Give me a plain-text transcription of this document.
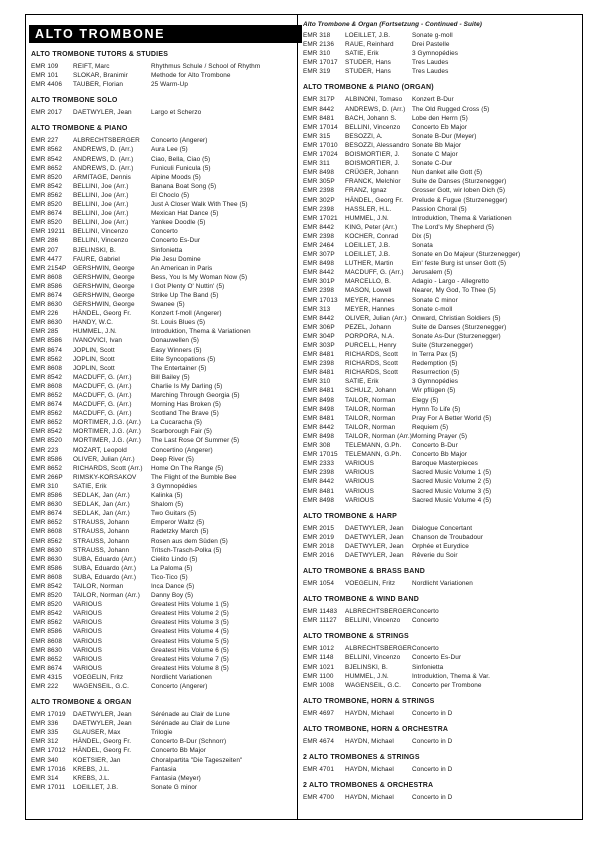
ALTO TROMBONE
ALTO TROMBONE TUTORS & STUDIES
EMR 109	REIFT, Marc	Rhythmus Schule / School of Rhythm
EMR 101	SLOKAR, Branimir	Methode for Alto Trombone
EMR 4406	TAUBER, Florian	25 Warm-Up
ALTO TROMBONE SOLO
EMR 2017	DAETWYLER, Jean	Largo et Scherzo
ALTO TROMBONE & PIANO
EMR 227	ALBRECHTSBERGER	Concerto (Angerer)
EMR 8562	ANDREWS, D. (Arr.)	Aura Lee (5)
EMR 8542	ANDREWS, D. (Arr.)	Ciao, Bella, Ciao (5)
EMR 8652	ANDREWS, D. (Arr.)	Funiculi Funicula (5)
EMR 8520	ARMITAGE, Dennis	Alpine Moods (5)
EMR 8542	BELLINI, Joe (Arr.)	Banana Boat Song (5)
EMR 8562	BELLINI, Joe (Arr.)	El Choclo (5)
EMR 8520	BELLINI, Joe (Arr.)	Just A Closer Walk With Thee (5)
EMR 8674	BELLINI, Joe (Arr.)	Mexican Hat Dance (5)
EMR 8520	BELLINI, Joe (Arr.)	Yankee Doodle (5)
EMR 19211	BELLINI, Vincenzo	Concerto
EMR 286	BELLINI, Vincenzo	Concerto Es-Dur
EMR 207	BJELINSKI, B.	Sinfonietta
EMR 4477	FAURE, Gabriel	Pie Jesu Domine
EMR 2154P	GERSHWIN, George	An American in Paris
EMR 8608	GERSHWIN, George	Bess, You Is My Woman Now (5)
EMR 8586	GERSHWIN, George	I Got Plenty O' Nuttin' (5)
EMR 8674	GERSHWIN, George	Strike Up The Band (5)
EMR 8630	GERSHWIN, George	Swanee (5)
EMR 226	HÄNDEL, Georg Fr.	Konzert f-moll (Angerer)
EMR 8630	HANDY, W.C.	St. Louis Blues (5)
EMR 285	HUMMEL, J.N.	Introduktion, Thema & Variationen
EMR 8586	IVANOVICI, Ivan	Donauwellen (5)
EMR 8674	JOPLIN, Scott	Easy Winners (5)
EMR 8562	JOPLIN, Scott	Elite Syncopations (5)
EMR 8608	JOPLIN, Scott	The Entertainer (5)
EMR 8542	MACDUFF, G. (Arr.)	Bill Bailey (5)
EMR 8608	MACDUFF, G. (Arr.)	Charlie Is My Darling (5)
EMR 8652	MACDUFF, G. (Arr.)	Marching Through Georgia (5)
EMR 8674	MACDUFF, G. (Arr.)	Morning Has Broken (5)
EMR 8562	MACDUFF, G. (Arr.)	Scotland The Brave (5)
EMR 8652	MORTIMER, J.G. (Arr.)	La Cucaracha (5)
EMR 8542	MORTIMER, J.G. (Arr.)	Scarborough Fair (5)
EMR 8520	MORTIMER, J.G. (Arr.)	The Last Rose Of Summer (5)
EMR 223	MOZART, Leopold	Concertino (Angerer)
EMR 8586	OLIVER, Julian (Arr.)	Deep River (5)
EMR 8652	RICHARDS, Scott (Arr.)	Home On The Range (5)
EMR 266P	RIMSKY-KORSAKOV	The Flight of the Bumble Bee
EMR 310	SATIE, Erik	3 Gymnopédies
EMR 8586	SEDLAK, Jan (Arr.)	Kalinka (5)
EMR 8630	SEDLAK, Jan (Arr.)	Shalom (5)
EMR 8674	SEDLAK, Jan (Arr.)	Two Guitars (5)
EMR 8652	STRAUSS, Johann	Emperor Waltz (5)
EMR 8608	STRAUSS, Johann	Radetzky March (5)
EMR 8562	STRAUSS, Johann	Rosen aus dem Süden (5)
EMR 8630	STRAUSS, Johann	Tritsch-Trasch-Polka (5)
EMR 8630	SUBA, Eduardo (Arr.)	Cielito Lindo (5)
EMR 8586	SUBA, Eduardo (Arr.)	La Paloma (5)
EMR 8608	SUBA, Eduardo (Arr.)	Tico-Tico (5)
EMR 8542	TAILOR, Norman	Inca Dance (5)
EMR 8520	TAILOR, Norman (Arr.)	Danny Boy (5)
EMR 8520	VARIOUS	Greatest Hits Volume 1 (5)
EMR 8542	VARIOUS	Greatest Hits Volume 2 (5)
EMR 8562	VARIOUS	Greatest Hits Volume 3 (5)
EMR 8586	VARIOUS	Greatest Hits Volume 4 (5)
EMR 8608	VARIOUS	Greatest Hits Volume 5 (5)
EMR 8630	VARIOUS	Greatest Hits Volume 6 (5)
EMR 8652	VARIOUS	Greatest Hits Volume 7 (5)
EMR 8674	VARIOUS	Greatest Hits Volume 8 (5)
EMR 4315	VOEGELIN, Fritz	Nordlicht Variationen
EMR 222	WAGENSEIL, G.C.	Concerto (Angerer)
ALTO TROMBONE & ORGAN
EMR 17019	DAETWYLER, Jean	Sérénade au Clair de Lune
EMR 336	DAETWYLER, Jean	Sérénade au Clair de Lune
EMR 335	GLAUSER, Max	Trilogie
EMR 312	HÄNDEL, Georg Fr.	Concerto B-Dur (Schnorr)
EMR 17012	HÄNDEL, Georg Fr.	Concerto Bb Major
EMR 340	KOETSIER, Jan	Choralpartita "Die Tageszeiten"
EMR 17016	KREBS, J.L.	Fantasia
EMR 314	KREBS, J.L.	Fantasia (Meyer)
EMR 17011	LOEILLET, J.B.	Sonate G minor
Alto Trombone & Organ (Fortsetzung - Continued - Suite)
EMR 318	LOEILLET, J.B.	Sonate g-moll
EMR 2136	RAUE, Reinhard	Drei Pastelle
EMR 310	SATIE, Erik	3 Gymnopédies
EMR 17017	STUDER, Hans	Tres Laudes
EMR 319	STUDER, Hans	Tres Laudes
ALTO TROMBONE & PIANO (ORGAN)
EMR 317P	ALBINONI, Tomaso	Konzert B-Dur
EMR 8442	ANDREWS, D. (Arr.)	The Old Rugged Cross (5)
EMR 8481	BACH, Johann S.	Lobe den Herrn (5)
EMR 17014	BELLINI, Vincenzo	Concerto Eb Major
EMR 315	BESOZZI, A.	Sonate B-Dur (Meyer)
EMR 17010	BESOZZI, Alessandro Sonate Bb Major
EMR 17024	BOISMORTIER, J.	Sonate C Major
EMR 311	BOISMORTIER, J.	Sonate C-Dur
EMR 8498	CRÜGER, Johann	Nun danket alle Gott (5)
EMR 305P	FRANCK, Melchior	Suite de Danses (Sturzenegger)
EMR 2398	FRANZ, Ignaz	Grosser Gott, wir loben Dich (5)
EMR 302P	HÄNDEL, Georg Fr.	Prelude & Fugue (Sturzenegger)
EMR 2398	HASSLER, H.L.	Passion Choral (5)
EMR 17021	HUMMEL, J.N.	Introduktion, Thema & Variationen
EMR 8442	KING, Peter (Arr.)	The Lord's My Shepherd (5)
EMR 2398	KOCHER, Conrad	Dix (5)
EMR 2464	LOEILLET, J.B.	Sonata
EMR 307P	LOEILLET, J.B.	Sonate en Do Majeur (Sturzenegger)
EMR 8498	LUTHER, Martin	Ein' feste Burg ist unser Gott (5)
EMR 8442	MACDUFF, G. (Arr.)	Jerusalem (5)
EMR 301P	MARCELLO, B.	Adagio - Largo - Allegretto
EMR 2398	MASON, Lowell	Nearer, My God, To Thee (5)
EMR 17013	MEYER, Hannes	Sonate C minor
EMR 313	MEYER, Hannes	Sonate c-moll
EMR 8442	OLIVER, Julian (Arr.) Onward, Christian Soldiers (5)
EMR 306P	PEZEL, Johann	Suite de Danses (Sturzenegger)
EMR 304P	PORPORA, N.A.	Sonate As-Dur (Sturzenegger)
EMR 303P	PURCELL, Henry	Suite (Sturzenegger)
EMR 8481	RICHARDS, Scott	In Terra Pax (5)
EMR 2398	RICHARDS, Scott	Redemption (5)
EMR 8481	RICHARDS, Scott	Resurrection (5)
EMR 310	SATIE, Erik	3 Gymnopédies
EMR 8481	SCHULZ, Johann	Wir pflügen (5)
EMR 8498	TAILOR, Norman	Elegy (5)
EMR 8498	TAILOR, Norman	Hymn To Life (5)
EMR 8481	TAILOR, Norman	Pray For A Better World (5)
EMR 8442	TAILOR, Norman	Requiem (5)
EMR 8498	TAILOR, Norman (Arr.) Morning Prayer (5)
EMR 308	TELEMANN, G.Ph.	Concerto B-Dur
EMR 17015	TELEMANN, G.Ph.	Concerto Bb Major
EMR 2333	VARIOUS	Baroque Masterpieces
EMR 2398	VARIOUS	Sacred Music Volume 1 (5)
EMR 8442	VARIOUS	Sacred Music Volume 2 (5)
EMR 8481	VARIOUS	Sacred Music Volume 3 (5)
EMR 8498	VARIOUS	Sacred Music Volume 4 (5)
ALTO TROMBONE & HARP
EMR 2015	DAETWYLER, Jean	Dialogue Concertant
EMR 2019	DAETWYLER, Jean	Chanson de Troubadour
EMR 2018	DAETWYLER, Jean	Orphée et Eurydice
EMR 2016	DAETWYLER, Jean	Rêverie du Soir
ALTO TROMBONE & BRASS BAND
EMR 1054	VOEGELIN, Fritz	Nordlicht Variationen
ALTO TROMBONE & WIND BAND
EMR 11483	ALBRECHTSBERGER Concerto
EMR 11127	BELLINI, Vincenzo	Concerto
ALTO TROMBONE & STRINGS
EMR 1012	ALBRECHTSBERGER Concerto
EMR 1148	BELLINI, Vincenzo	Concerto Es-Dur
EMR 1021	BJELINSKI, B.	Sinfonietta
EMR 1100	HUMMEL, J.N.	Introduktion, Thema & Var.
EMR 1008	WAGENSEIL, G.C.	Concerto per Trombone
ALTO TROMBONE, HORN & STRINGS
EMR 4697	HAYDN, Michael	Concerto in D
ALTO TROMBONE, HORN & ORCHESTRA
EMR 4674	HAYDN, Michael	Concerto in D
2 ALTO TROMBONES & STRINGS
EMR 4701	HAYDN, Michael	Concerto in D
2 ALTO TROMBONES & ORCHESTRA
EMR 4700	HAYDN, Michael	Concerto in D
